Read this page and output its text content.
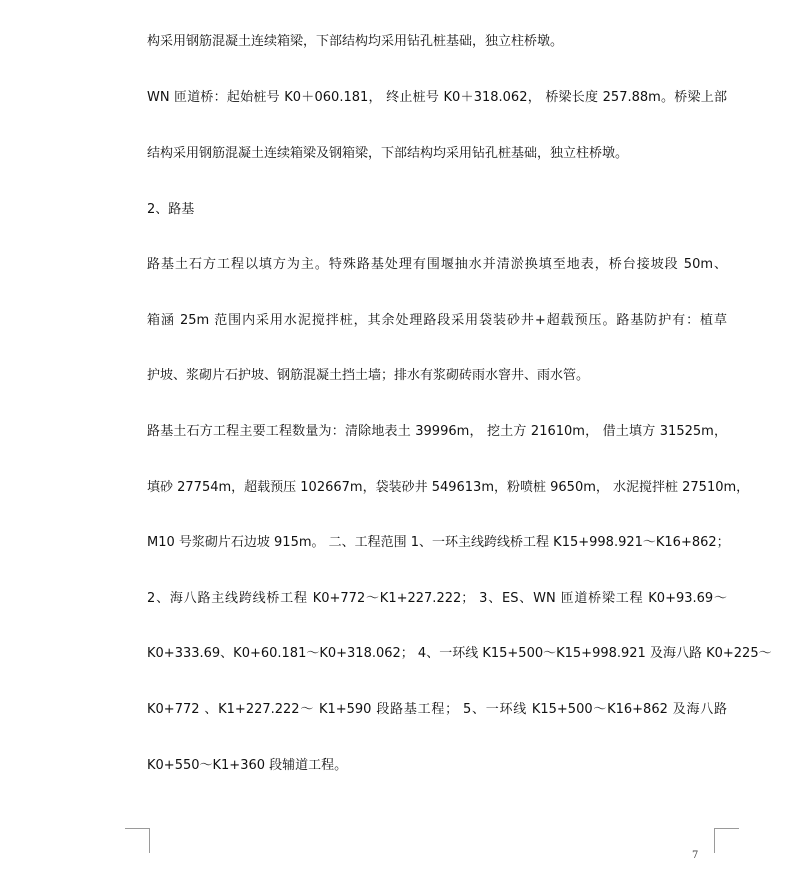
构采用钢筋混凝土连续箱梁，下部结构均采用钻孔桩基础，独立柱桥墩。
WN 匝道桥：起始桩号 K0＋060.181， 终止桩号 K0＋318.062， 桥梁长度 257.88m。桥梁上部
结构采用钢筋混凝土连续箱梁及钢箱梁，下部结构均采用钻孔桩基础，独立柱桥墩。
2、路基
路基土石方工程以填方为主。特殊路基处理有围堰抽水并清淤换填至地表，桥台接坡段 50m、
箱涵 25m 范围内采用水泥搅拌桩，其余处理路段采用袋装砂井+超载预压。路基防护有：植草
护坡、浆砌片石护坡、钢筋混凝土挡土墙；排水有浆砌砖雨水窨井、雨水管。
路基土石方工程主要工程数量为：清除地表土 39996m， 挖土方 21610m， 借土填方 31525m，
填砂 27754m，超载预压 102667m，袋装砂井 549613m，粉喷桩 9650m， 水泥搅拌桩 27510m，
M10 号浆砌片石边坡 915m。 二、工程范围 1、一环主线跨线桥工程 K15+998.921～K16+862；
2、海八路主线跨线桥工程 K0+772～K1+227.222； 3、ES、WN 匝道桥梁工程 K0+93.69～
K0+333.69、K0+60.181～K0+318.062； 4、一环线 K15+500～K15+998.921 及海八路 K0+225～
K0+772 、K1+227.222～ K1+590 段路基工程； 5、一环线 K15+500～K16+862 及海八路
K0+550～K1+360 段辅道工程。
7
